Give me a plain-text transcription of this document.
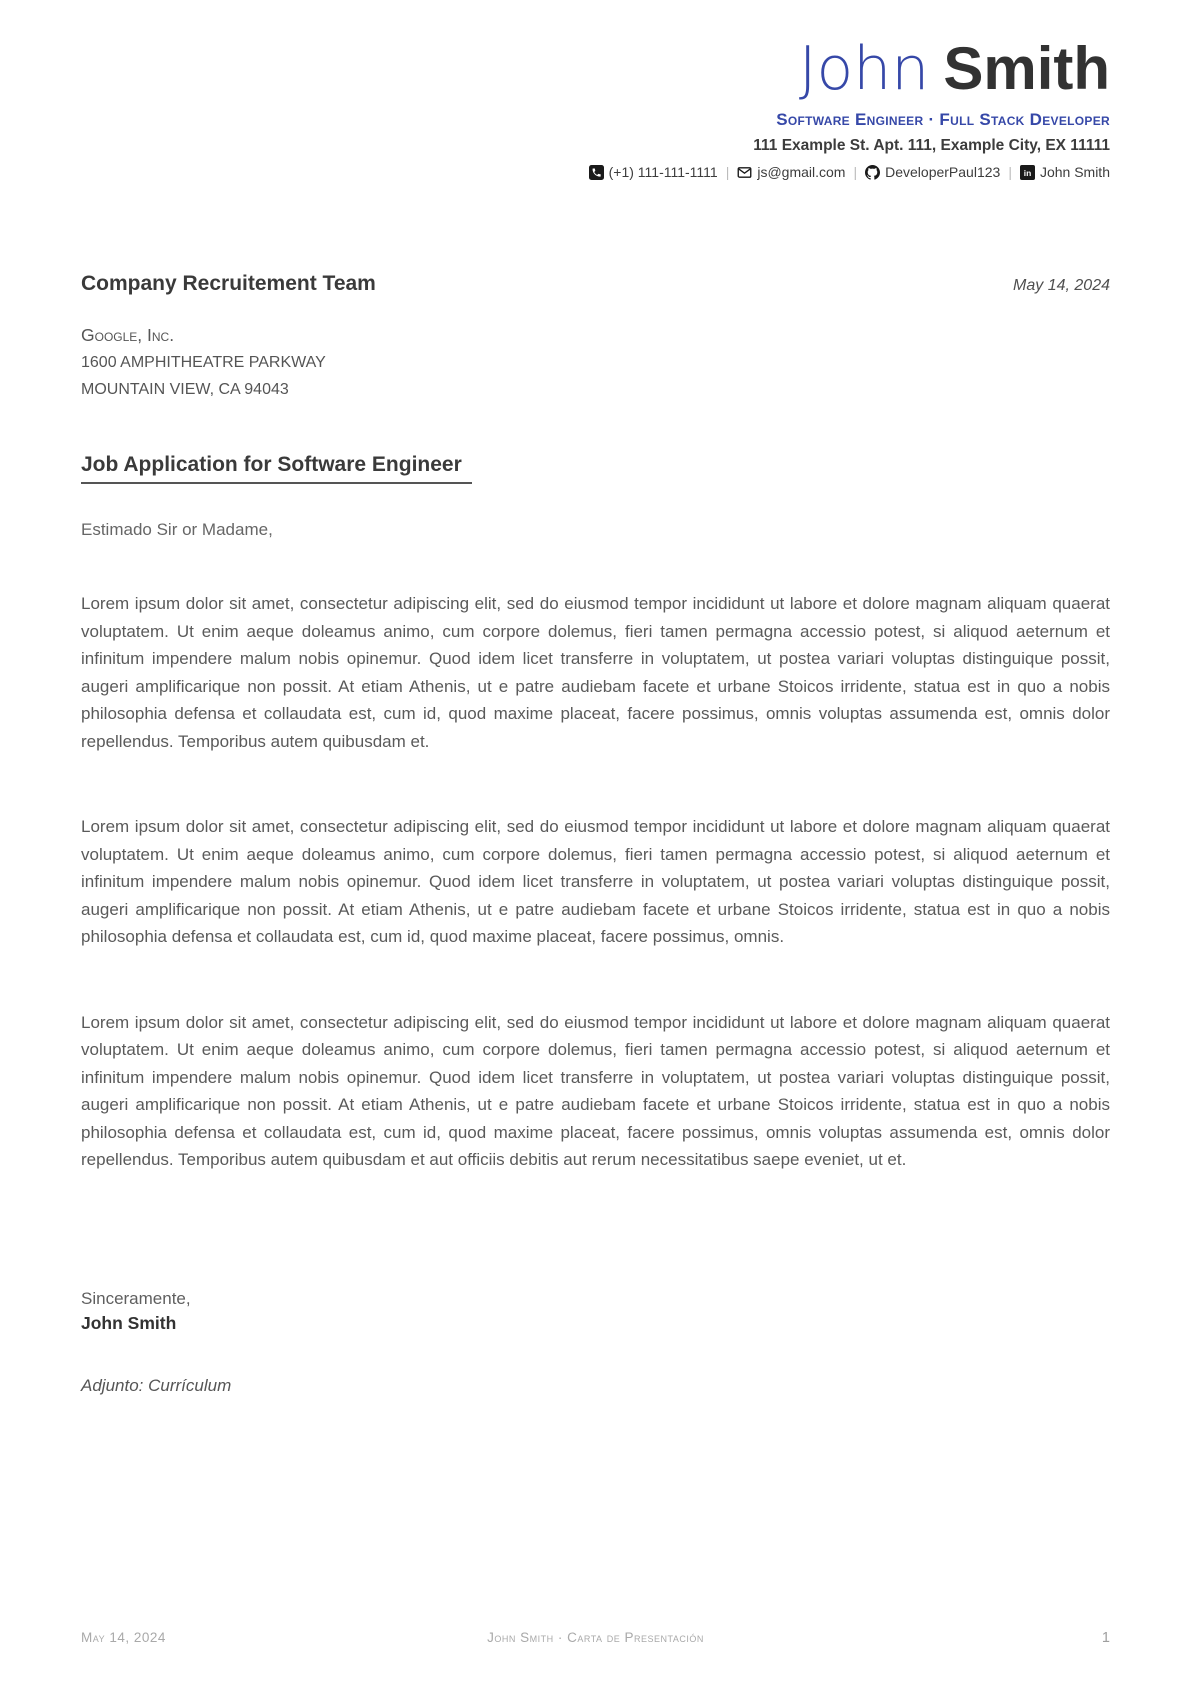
John Smith
Software Engineer · Full Stack Developer
111 Example St. Apt. 111, Example City, EX 11111
(+1) 111-111-1111 | js@gmail.com | DeveloperPaul123 | in John Smith
Company Recruitement Team	May 14, 2024
Google, Inc.
1600 AMPHITHEATRE PARKWAY
MOUNTAIN VIEW, CA 94043
Job Application for Software Engineer
Estimado Sir or Madame,

Lorem ipsum dolor sit amet, consectetur adipiscing elit, sed do eiusmod tempor incididunt ut labore et dolore magnam aliquam quaerat voluptatem. Ut enim aeque doleamus animo, cum corpore dolemus, fieri tamen permagna accessio potest, si aliquod aeternum et infinitum impendere malum nobis opinemur. Quod idem licet transferre in voluptatem, ut postea variari voluptas distinguique possit, augeri amplificarique non possit. At etiam Athenis, ut e patre audiebam facete et urbane Stoicos irridente, statua est in quo a nobis philosophia defensa et collaudata est, cum id, quod maxime placeat, facere possimus, omnis voluptas assumenda est, omnis dolor repellendus. Temporibus autem quibusdam et.

Lorem ipsum dolor sit amet, consectetur adipiscing elit, sed do eiusmod tempor incididunt ut labore et dolore magnam aliquam quaerat voluptatem. Ut enim aeque doleamus animo, cum corpore dolemus, fieri tamen permagna accessio potest, si aliquod aeternum et infinitum impendere malum nobis opinemur. Quod idem licet transferre in voluptatem, ut postea variari voluptas distinguique possit, augeri amplificarique non possit. At etiam Athenis, ut e patre audiebam facete et urbane Stoicos irridente, statua est in quo a nobis philosophia defensa et collaudata est, cum id, quod maxime placeat, facere possimus, omnis.

Lorem ipsum dolor sit amet, consectetur adipiscing elit, sed do eiusmod tempor incididunt ut labore et dolore magnam aliquam quaerat voluptatem. Ut enim aeque doleamus animo, cum corpore dolemus, fieri tamen permagna accessio potest, si aliquod aeternum et infinitum impendere malum nobis opinemur. Quod idem licet transferre in voluptatem, ut postea variari voluptas distinguique possit, augeri amplificarique non possit. At etiam Athenis, ut e patre audiebam facete et urbane Stoicos irridente, statua est in quo a nobis philosophia defensa et collaudata est, cum id, quod maxime placeat, facere possimus, omnis voluptas assumenda est, omnis dolor repellendus. Temporibus autem quibusdam et aut officiis debitis aut rerum necessitatibus saepe eveniet, ut et.

Sinceramente,
John Smith
Adjunto: Currículum
May 14, 2024	John Smith · Carta de Presentación	1
